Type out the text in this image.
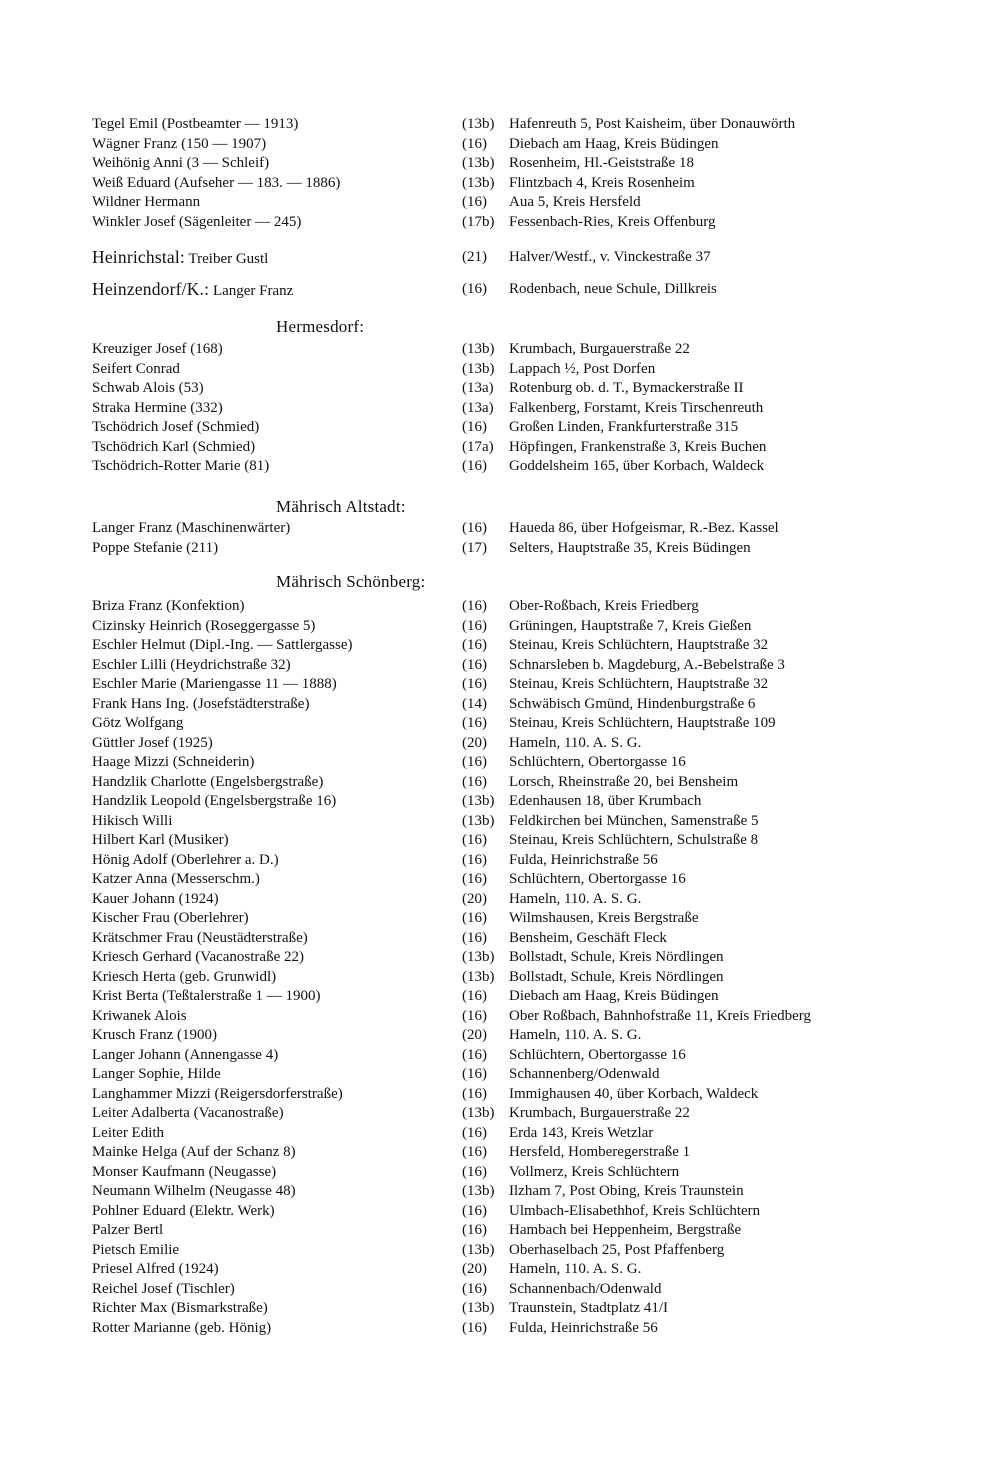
Tegel Emil (Postbeamter — 1913)	(13b) Hafenreuth 5, Post Kaisheim, über Donauwörth
Wägner Franz (150 — 1907)	(16) Diebach am Haag, Kreis Büdingen
Weihönig Anni (3 — Schleif)	(13b) Rosenheim, Hl.-Geiststraße 18
Weiß Eduard (Aufseher — 183. — 1886)	(13b) Flintzbach 4, Kreis Rosenheim
Wildner Hermann	(16) Aua 5, Kreis Hersfeld
Winkler Josef (Sägenleiter — 245)	(17b) Fessenbach-Ries, Kreis Offenburg
Heinrichstal: Treiber Gustl	(21) Halver/Westf., v. Vinckestraße 37
Heinzendorf/K.: Langer Franz	(16) Rodenbach, neue Schule, Dillkreis
Hermesdorf:
Kreuziger Josef (168)	(13b) Krumbach, Burgauerstraße 22
Seifert Conrad	(13b) Lappach ½, Post Dorfen
Schwab Alois (53)	(13a) Rotenburg ob. d. T., Bymackerstraße II
Straka Hermine (332)	(13a) Falkenberg, Forstamt, Kreis Tirschenreuth
Tschödrich Josef (Schmied)	(16) Großen Linden, Frankfurterstraße 315
Tschödrich Karl (Schmied)	(17a) Höpfingen, Frankenstraße 3, Kreis Buchen
Tschödrich-Rotter Marie (81)	(16) Goddelsheim 165, über Korbach, Waldeck
Mährisch Altstadt:
Langer Franz (Maschinenwärter)	(16) Haueda 86, über Hofgeismar, R.-Bez. Kassel
Poppe Stefanie (211)	(17) Selters, Hauptstraße 35, Kreis Büdingen
Mährisch Schönberg:
Briza Franz (Konfektion)	(16) Ober-Roßbach, Kreis Friedberg
Cizinsky Heinrich (Roseggergasse 5)	(16) Grüningen, Hauptstraße 7, Kreis Gießen
Eschler Helmut (Dipl.-Ing. — Sattlergasse)	(16) Steinau, Kreis Schlüchtern, Hauptstraße 32
Eschler Lilli (Heydrichstraße 32)	(16) Schnarsleben b. Magdeburg, A.-Bebelstraße 3
Eschler Marie (Mariengasse 11 — 1888)	(16) Steinau, Kreis Schlüchtern, Hauptstraße 32
Frank Hans Ing. (Josefstädterstraße)	(14) Schwäbisch Gmünd, Hindenburgstraße 6
Götz Wolfgang	(16) Steinau, Kreis Schlüchtern, Hauptstraße 109
Güttler Josef (1925)	(20) Hameln, 110. A. S. G.
Haage Mizzi (Schneiderin)	(16) Schlüchtern, Obertorgasse 16
Handzlik Charlotte (Engelsbergstraße)	(16) Lorsch, Rheinstraße 20, bei Bensheim
Handzlik Leopold (Engelsbergstraße 16)	(13b) Edenhausen 18, über Krumbach
Hikisch Willi	(13b) Feldkirchen bei München, Samenstraße 5
Hilbert Karl (Musiker)	(16) Steinau, Kreis Schlüchtern, Schulstraße 8
Hönig Adolf (Oberlehrer a. D.)	(16) Fulda, Heinrichstraße 56
Katzer Anna (Messerschm.)	(16) Schlüchtern, Obertorgasse 16
Kauer Johann (1924)	(20) Hameln, 110. A. S. G.
Kischer Frau (Oberlehrer)	(16) Wilmshausen, Kreis Bergstraße
Krätschmer Frau (Neustädterstraße)	(16) Bensheim, Geschäft Fleck
Kriesch Gerhard (Vacanostraße 22)	(13b) Bollstadt, Schule, Kreis Nördlingen
Kriesch Herta (geb. Grunwidl)	(13b) Bollstadt, Schule, Kreis Nördlingen
Krist Berta (Teßtalerstraße 1 — 1900)	(16) Diebach am Haag, Kreis Büdingen
Kriwanek Alois	(16) Ober Roßbach, Bahnhofstraße 11, Kreis Friedberg
Krusch Franz (1900)	(20) Hameln, 110. A. S. G.
Langer Johann (Annengasse 4)	(16) Schlüchtern, Obertorgasse 16
Langer Sophie, Hilde	(16) Schannenberg/Odenwald
Langhammer Mizzi (Reigersdorferstraße)	(16) Immighausen 40, über Korbach, Waldeck
Leiter Adalberta (Vacanostraße)	(13b) Krumbach, Burgauerstraße 22
Leiter Edith	(16) Erda 143, Kreis Wetzlar
Mainke Helga (Auf der Schanz 8)	(16) Hersfeld, Homberegerstraße 1
Monser Kaufmann (Neugasse)	(16) Vollmerz, Kreis Schlüchtern
Neumann Wilhelm (Neugasse 48)	(13b) Ilzham 7, Post Obing, Kreis Traunstein
Pohlner Eduard (Elektr. Werk)	(16) Ulmbach-Elisabethhof, Kreis Schlüchtern
Palzer Bertl	(16) Hambach bei Heppenheim, Bergstraße
Pietsch Emilie	(13b) Oberhaselbach 25, Post Pfaffenberg
Priesel Alfred (1924)	(20) Hameln, 110. A. S. G.
Reichel Josef (Tischler)	(16) Schannenbach/Odenwald
Richter Max (Bismarkstraße)	(13b) Traunstein, Stadtplatz 41/I
Rotter Marianne (geb. Hönig)	(16) Fulda, Heinrichstraße 56
